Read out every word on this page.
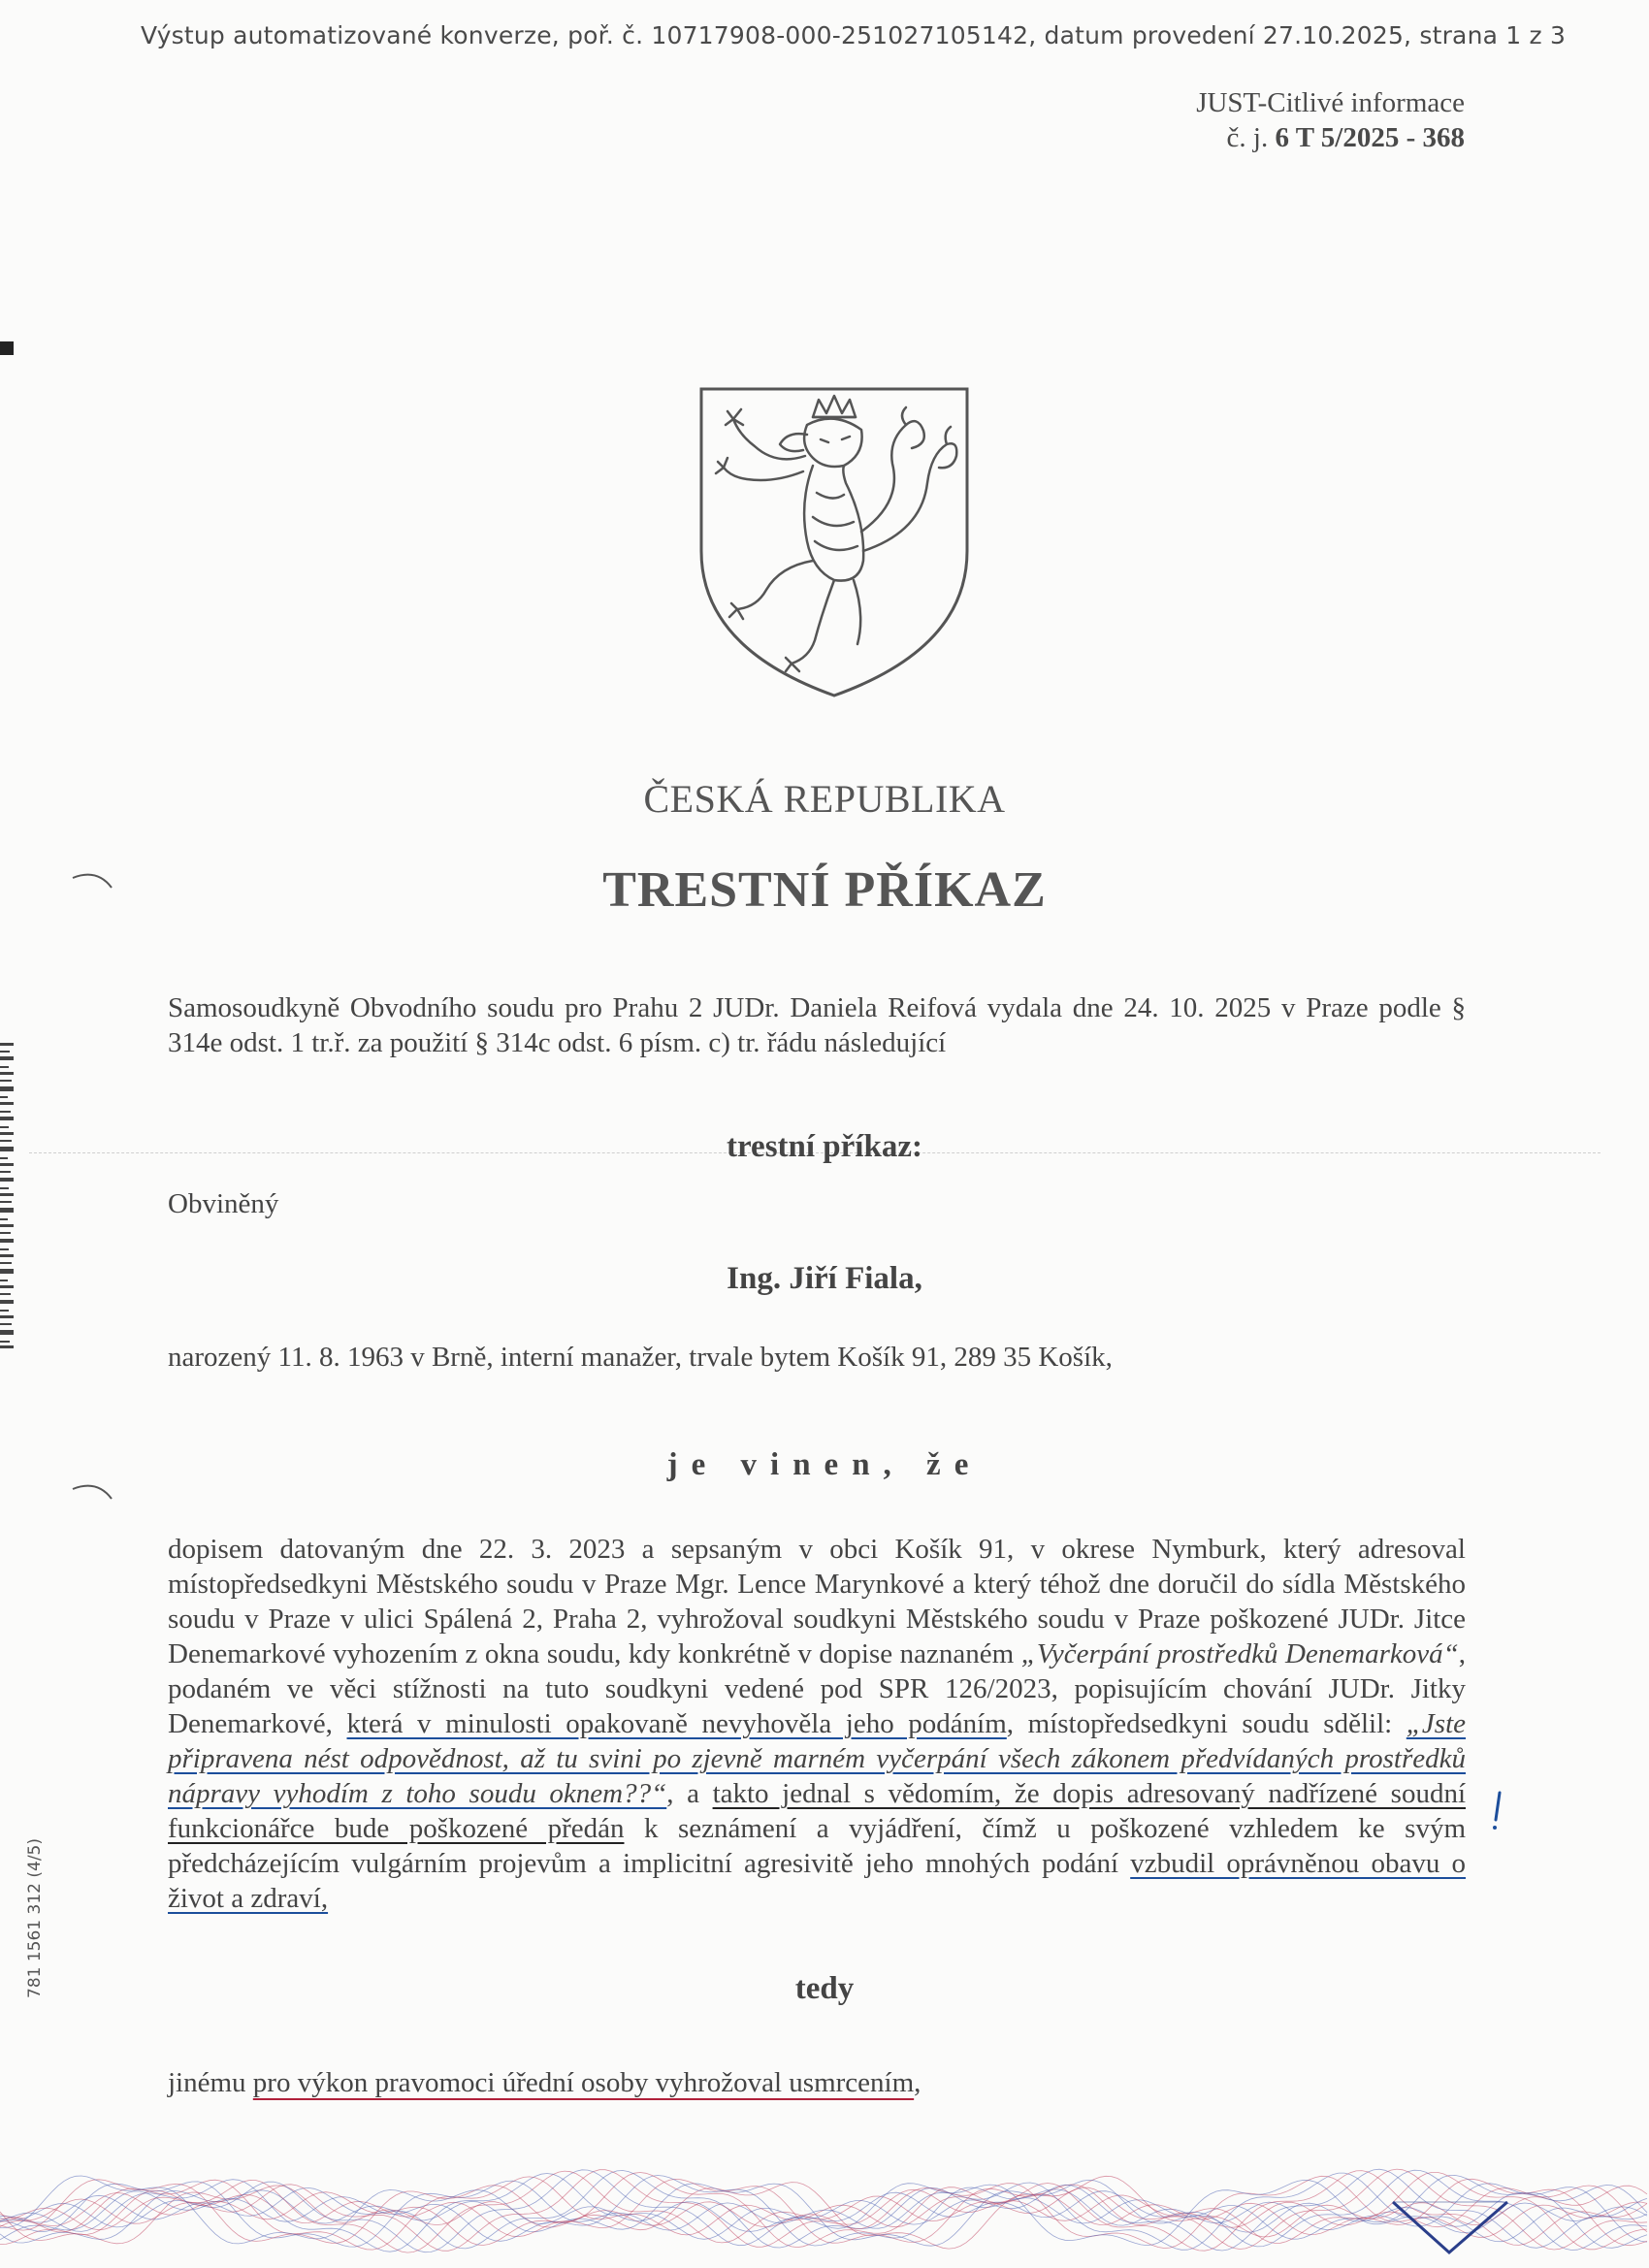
Výstup automatizované konverze, poř. č. 10717908-000-251027105142, datum provedení 27.10.2025, strana 1 z 3
JUST-Citlivé informace
č. j. 6 T 5/2025 - 368
ČESKÁ REPUBLIKA
TRESTNÍ PŘÍKAZ
Samosoudkyně Obvodního soudu pro Prahu 2 JUDr. Daniela Reifová vydala dne 24. 10. 2025 v Praze podle § 314e odst. 1 tr.ř. za použití § 314c odst. 6 písm. c) tr. řádu následující
trestní příkaz:
Obviněný
Ing. Jiří Fiala,
narozený 11. 8. 1963 v Brně, interní manažer, trvale bytem Košík 91, 289 35 Košík,
je vinen, že
dopisem datovaným dne 22. 3. 2023 a sepsaným v obci Košík 91, v okrese Nymburk, který adresoval místopředsedkyni Městského soudu v Praze Mgr. Lence Marynkové a který téhož dne doručil do sídla Městského soudu v Praze v ulici Spálená 2, Praha 2, vyhrožoval soudkyni Městského soudu v Praze poškozené JUDr. Jitce Denemarkové vyhozením z okna soudu, kdy konkrétně v dopise naznaném „Vyčerpání prostředků Denemarková“, podaném ve věci stížnosti na tuto soudkyni vedené pod SPR 126/2023, popisujícím chování JUDr. Jitky Denemarkové, která v minulosti opakovaně nevyhověla jeho podáním, místopředsedkyni soudu sdělil: „Jste připravena nést odpovědnost, až tu svini po zjevně marném vyčerpání všech zákonem předvídaných prostředků nápravy vyhodím z toho soudu oknem??“, a takto jednal s vědomím, že dopis adresovaný nadřízené soudní funkcionářce bude poškozené předán k seznámení a vyjádření, čímž u poškozené vzhledem ke svým předcházejícím vulgárním projevům a implicitní agresivitě jeho mnohých podání vzbudil oprávněnou obavu o život a zdraví,
tedy
jinému pro výkon pravomoci úřední osoby vyhrožoval usmrcením,
781 1561 312 (4/5)
